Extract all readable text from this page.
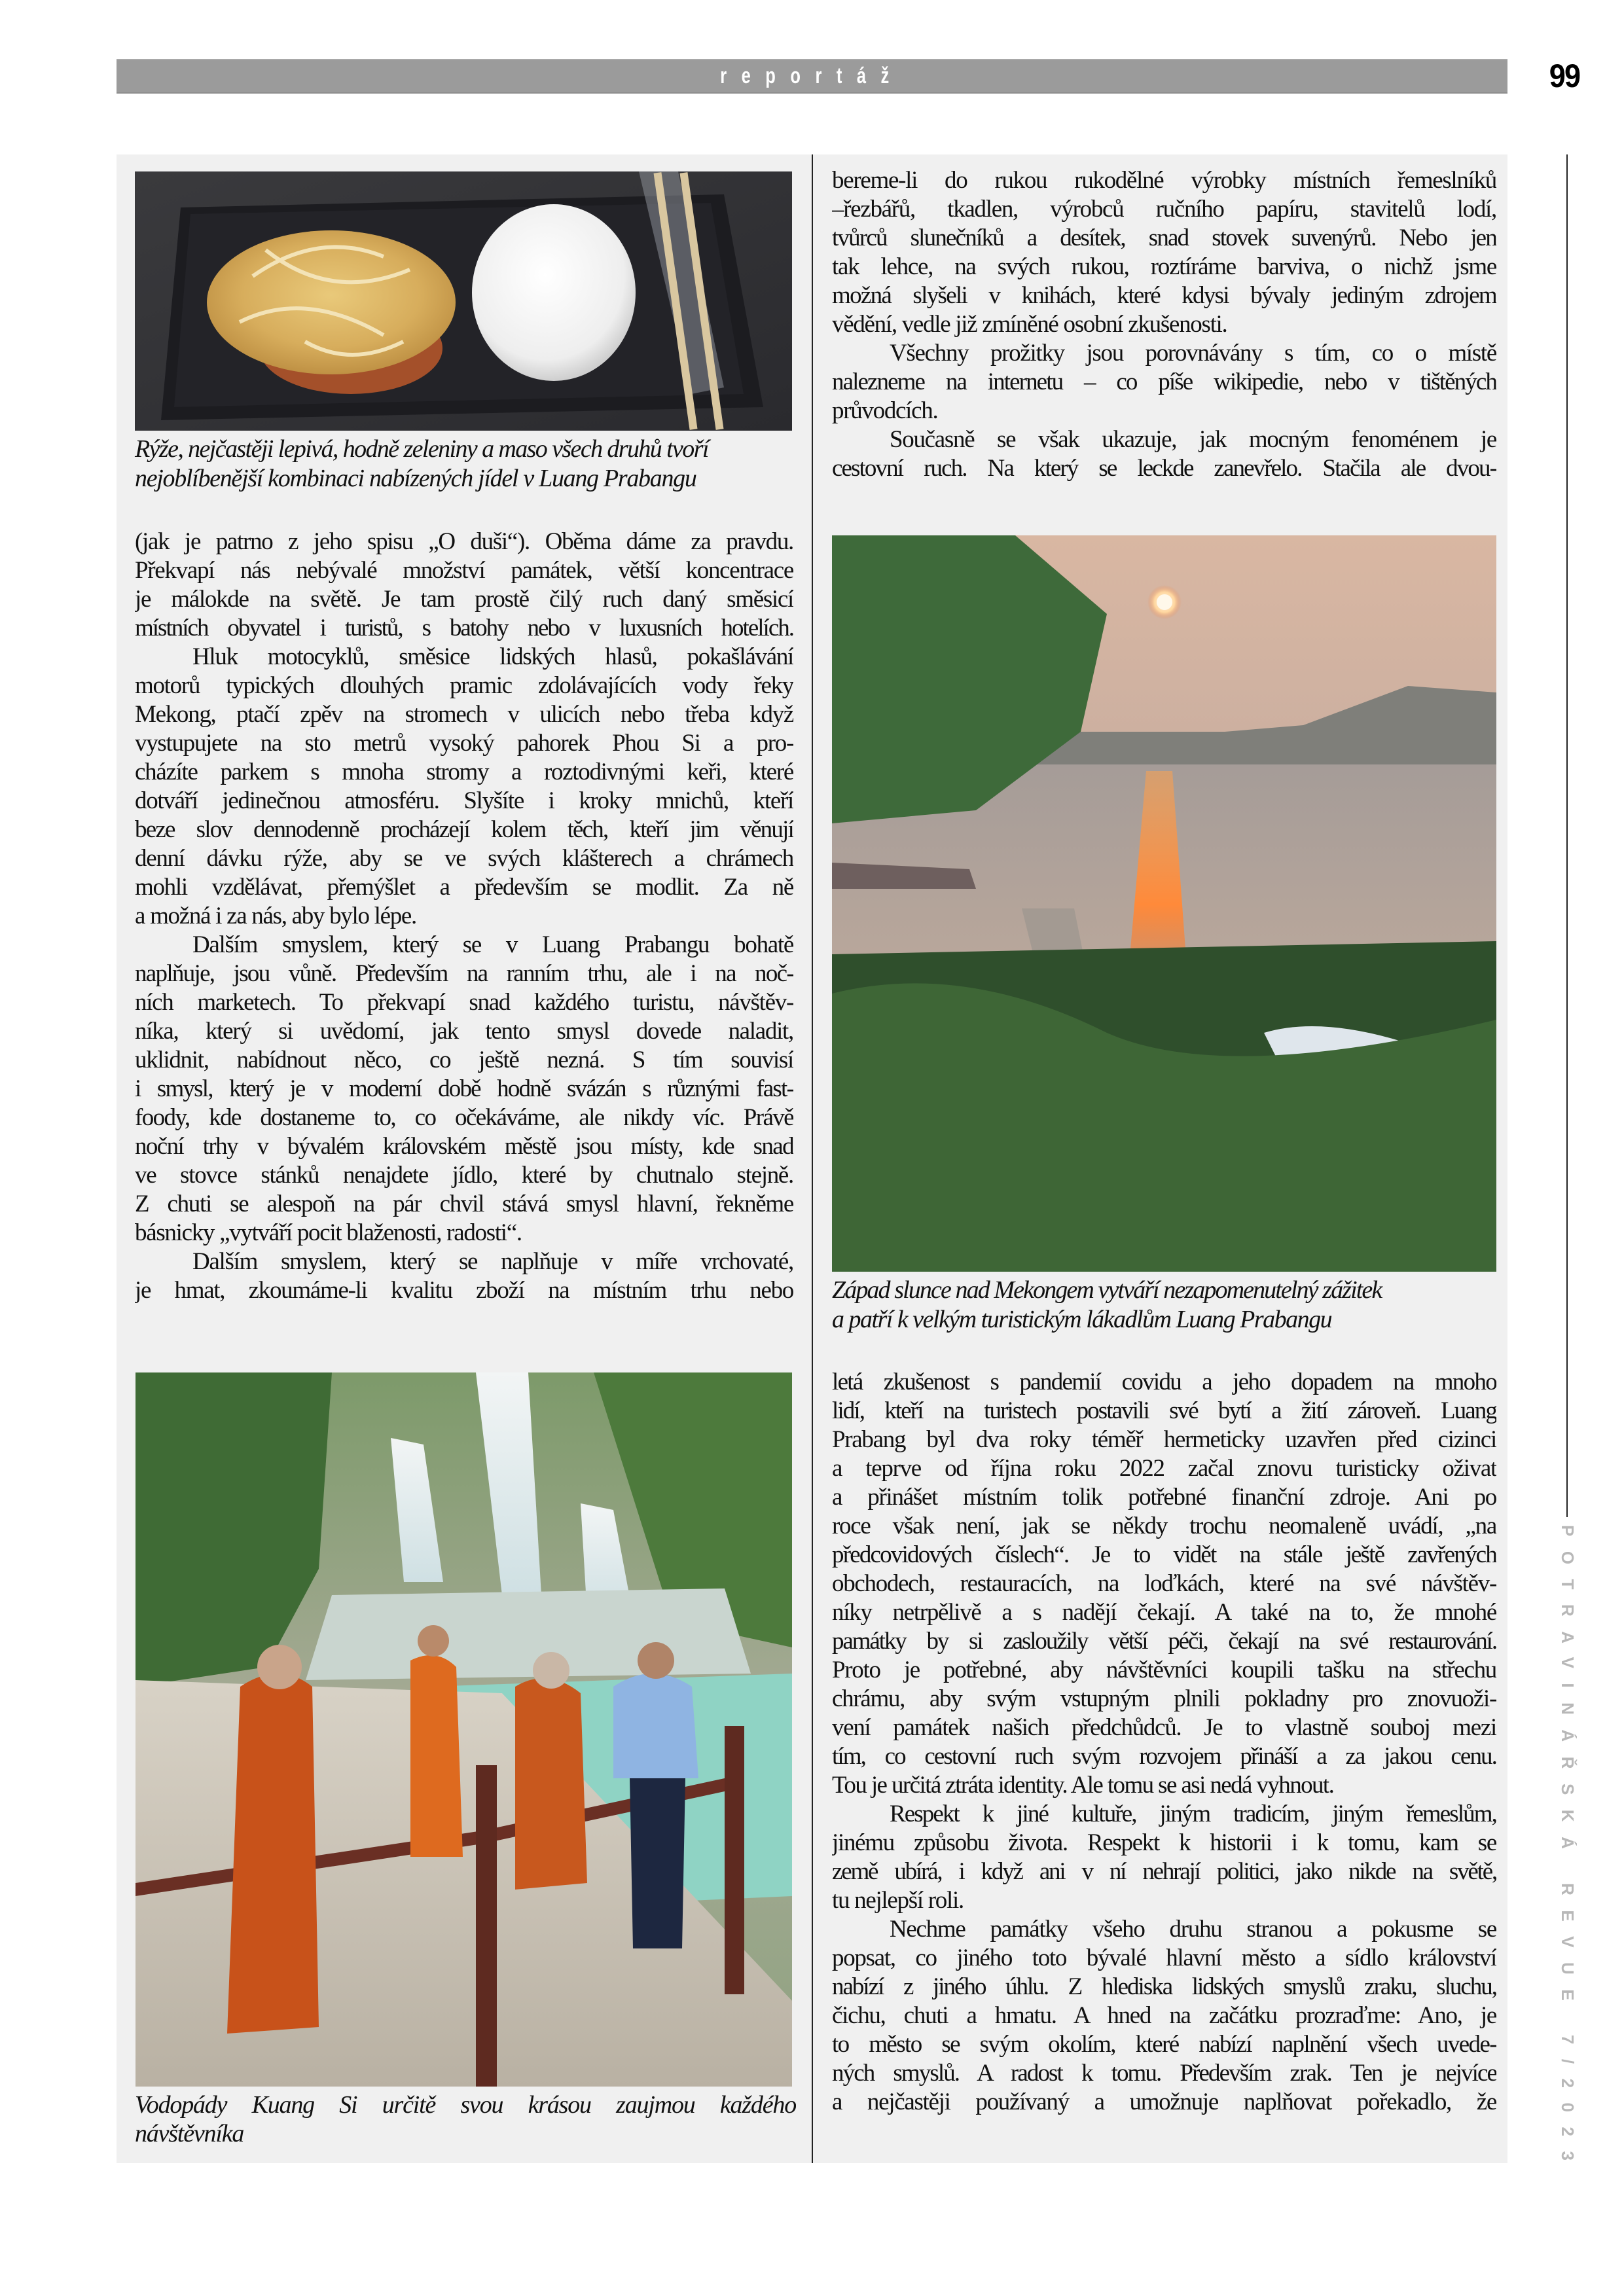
reportáž	99
POTRAVINÁŘSKÁ REVUE 7/2023
Rýže, nejčastěji lepivá, hodně zeleniny a maso všech druhů tvoří
nejoblíbenější kombinaci nabízených jídel v Luang Prabangu
(jak je patrno z jeho spisu „O duši“). Oběma dáme za pravdu.
Překvapí nás nebývalé množství památek, větší koncentrace
je málokde na světě. Je tam prostě čilý ruch daný směsicí
místních obyvatel i turistů, s batohy nebo v luxusních hotelích.
Hluk motocyklů, směsice lidských hlasů, pokašlávání
motorů typických dlouhých pramic zdolávajících vody řeky
Mekong, ptačí zpěv na stromech v ulicích nebo třeba když
vystupujete na sto metrů vysoký pahorek Phou Si a pro-
cházíte parkem s mnoha stromy a roztodivnými keři, které
dotváří jedinečnou atmosféru. Slyšíte i kroky mnichů, kteří
beze slov dennodenně procházejí kolem těch, kteří jim věnují
denní dávku rýže, aby se ve svých klášterech a chrámech
mohli vzdělávat, přemýšlet a především se modlit. Za ně
a možná i za nás, aby bylo lépe.
Dalším smyslem, který se v Luang Prabangu bohatě
naplňuje, jsou vůně. Především na ranním trhu, ale i na noč-
ních marketech. To překvapí snad každého turistu, návštěv-
níka, který si uvědomí, jak tento smysl dovede naladit,
uklidnit, nabídnout něco, co ještě nezná. S tím souvisí
i smysl, který je v moderní době hodně svázán s různými fast-
foody, kde dostaneme to, co očekáváme, ale nikdy víc. Právě
noční trhy v bývalém královském městě jsou místy, kde snad
ve stovce stánků nenajdete jídlo, které by chutnalo stejně.
Z chuti se alespoň na pár chvil stává smysl hlavní, řekněme
básnicky „vytváří pocit blaženosti, radosti“.
Dalším smyslem, který se naplňuje v míře vrchovaté,
je hmat, zkoumáme-li kvalitu zboží na místním trhu nebo
Vodopády Kuang Si určitě svou krásou zaujmou každého
návštěvníka
bereme-li do rukou rukodělné výrobky místních řemeslníků
–řezbářů, tkadlen, výrobců ručního papíru, stavitelů lodí,
tvůrců slunečníků a desítek, snad stovek suvenýrů. Nebo jen
tak lehce, na svých rukou, roztíráme barviva, o nichž jsme
možná slyšeli v knihách, které kdysi bývaly jediným zdrojem
vědění, vedle již zmíněné osobní zkušenosti.
Všechny prožitky jsou porovnávány s tím, co o místě
nalezneme na internetu – co píše wikipedie, nebo v tištěných
průvodcích.
Současně se však ukazuje, jak mocným fenoménem je
cestovní ruch. Na který se leckde zanevřelo. Stačila ale dvou-
Západ slunce nad Mekongem vytváří nezapomenutelný zážitek
a patří k velkým turistickým lákadlům Luang Prabangu
letá zkušenost s pandemií covidu a jeho dopadem na mnoho
lidí, kteří na turistech postavili své bytí a žití zároveň. Luang
Prabang byl dva roky téměř hermeticky uzavřen před cizinci
a teprve od října roku 2022 začal znovu turisticky oživat
a přinášet místním tolik potřebné finanční zdroje. Ani po
roce však není, jak se někdy trochu neomaleně uvádí, „na
předcovidových číslech“. Je to vidět na stále ještě zavřených
obchodech, restauracích, na loďkách, které na své návštěv-
níky netrpělivě a s nadějí čekají. A také na to, že mnohé
památky by si zasloužily větší péči, čekají na své restaurování.
Proto je potřebné, aby návštěvníci koupili tašku na střechu
chrámu, aby svým vstupným plnili pokladny pro znovuoži-
vení památek našich předchůdců. Je to vlastně souboj mezi
tím, co cestovní ruch svým rozvojem přináší a za jakou cenu.
Tou je určitá ztráta identity. Ale tomu se asi nedá vyhnout.
Respekt k jiné kultuře, jiným tradicím, jiným řemeslům,
jinému způsobu života. Respekt k historii i k tomu, kam se
země ubírá, i když ani v ní nehrají politici, jako nikde na světě,
tu nejlepší roli.
Nechme památky všeho druhu stranou a pokusme se
popsat, co jiného toto bývalé hlavní město a sídlo království
nabízí z jiného úhlu. Z hlediska lidských smyslů zraku, sluchu,
čichu, chuti a hmatu. A hned na začátku prozraďme: Ano, je
to město se svým okolím, které nabízí naplnění všech uvede-
ných smyslů. A radost k tomu. Především zrak. Ten je nejvíce
a nejčastěji používaný a umožnuje naplňovat pořekadlo, že
